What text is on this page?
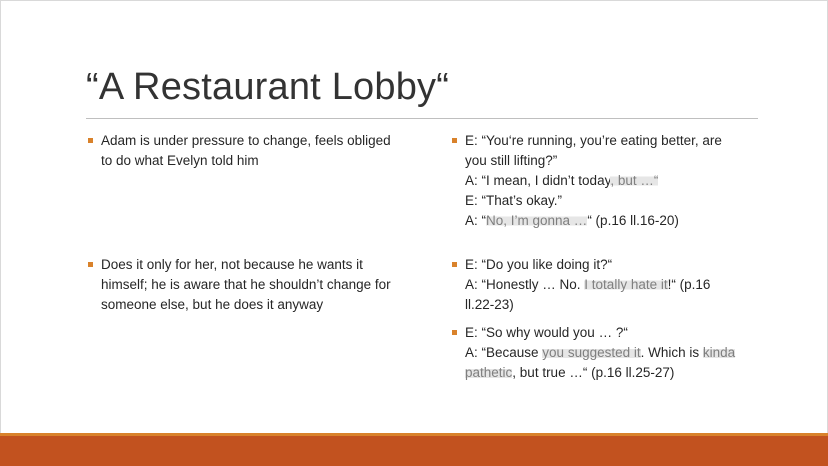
“A Restaurant Lobby“
Adam is under pressure to change, feels obliged
to do what Evelyn told him
Does it only for her, not because he wants it
himself; he is aware that he shouldn’t change for
someone else, but he does it anyway
E: “You‘re running, you’re eating better, are
you still lifting?”
A: “I mean, I didn’t today, but …“
E: “That’s okay.”
A: “No, I’m gonna …“ (p.16 ll.16-20)
E: “Do you like doing it?“
A: “Honestly … No. I totally hate it!“ (p.16
ll.22-23)
E: “So why would you … ?“
A: “Because you suggested it. Which is kinda
pathetic, but true …“ (p.16 ll.25-27)
